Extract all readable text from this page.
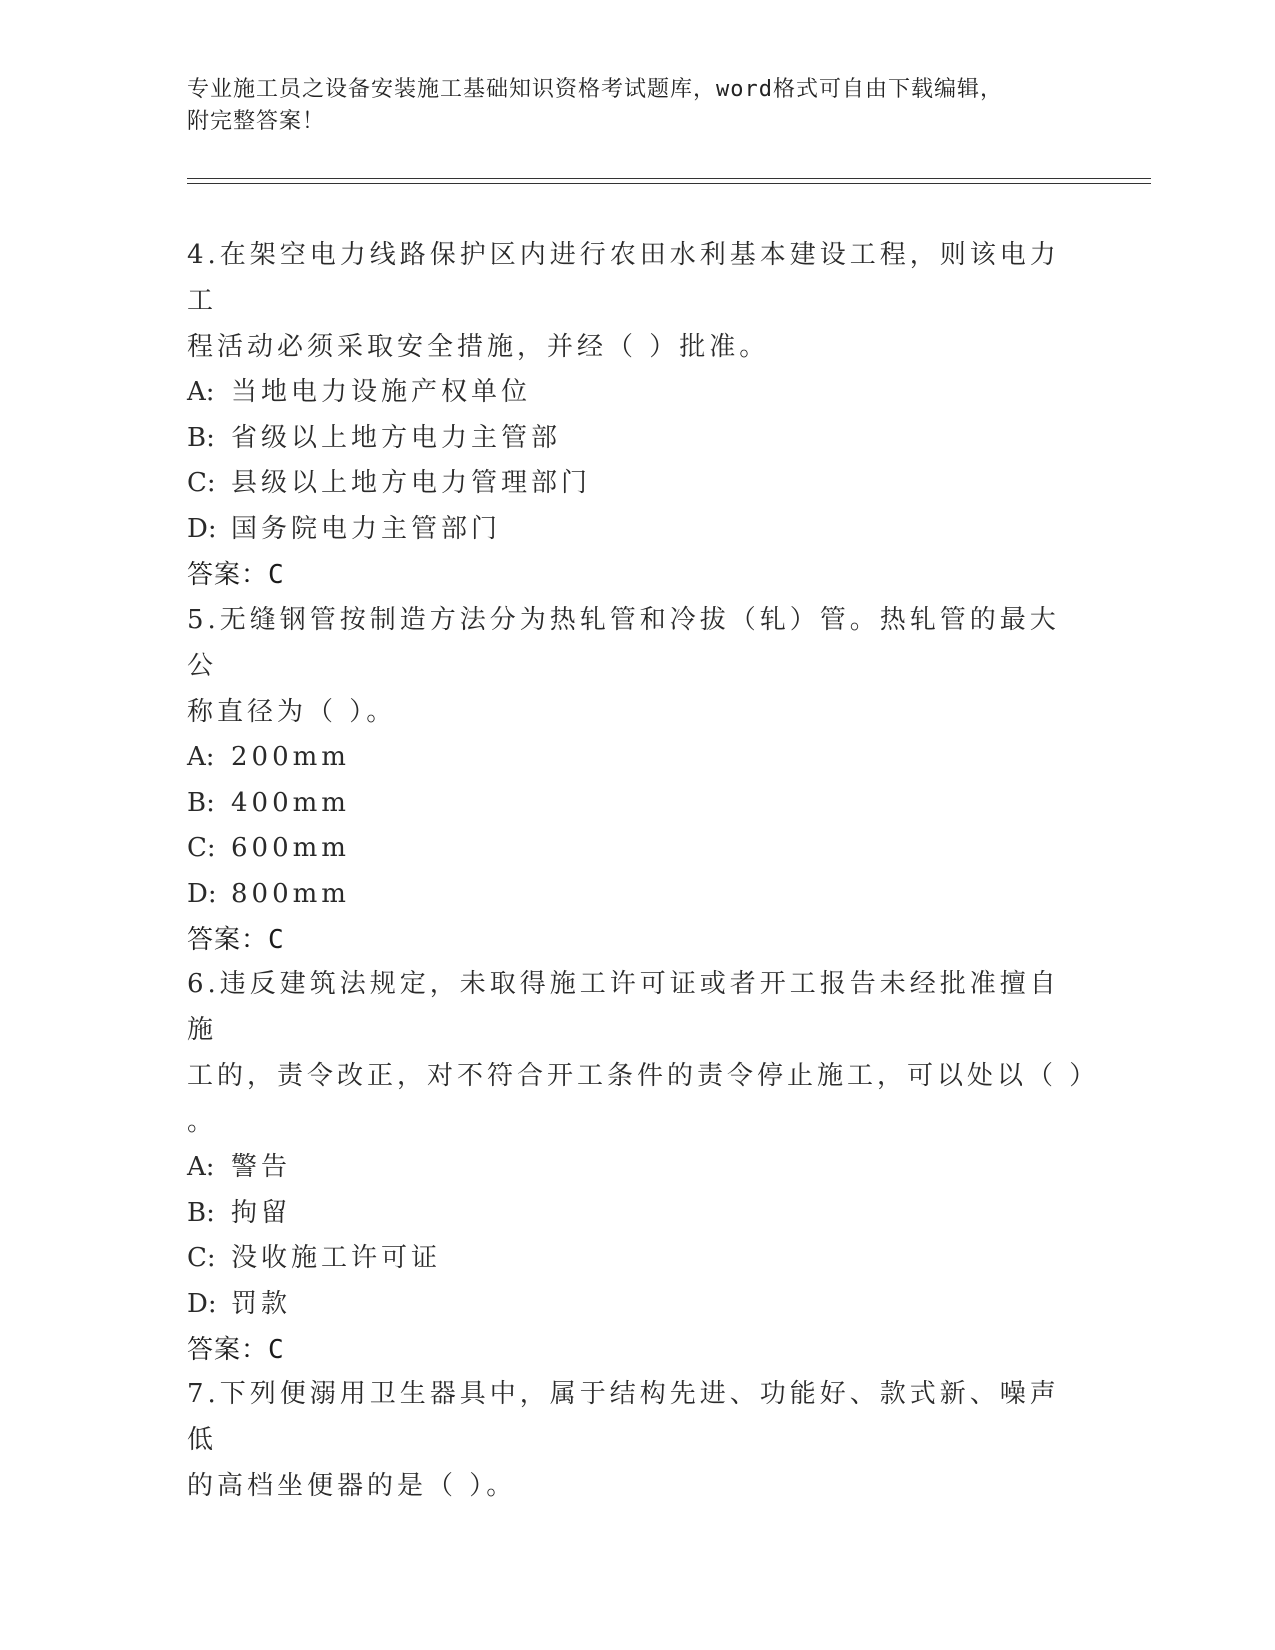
专业施工员之设备安装施工基础知识资格考试题库，word格式可自由下载编辑，
附完整答案！

4.在架空电力线路保护区内进行农田水利基本建设工程，则该电力工

程活动必须采取安全措施，并经（ ）批准。

A: 当地电力设施产权单位

B: 省级以上地方电力主管部

C: 县级以上地方电力管理部门

D: 国务院电力主管部门

答案：C

5.无缝钢管按制造方法分为热轧管和冷拔（轧）管。热轧管的最大公

称直径为（ ）。

A: 200mm

B: 400mm

C: 600mm

D: 800mm

答案：C

6.违反建筑法规定，未取得施工许可证或者开工报告未经批准擅自施

工的，责令改正，对不符合开工条件的责令停止施工，可以处以（ ）

。

A: 警告

B: 拘留

C: 没收施工许可证

D: 罚款

答案：C

7.下列便溺用卫生器具中，属于结构先进、功能好、款式新、噪声低

的高档坐便器的是（ ）。
